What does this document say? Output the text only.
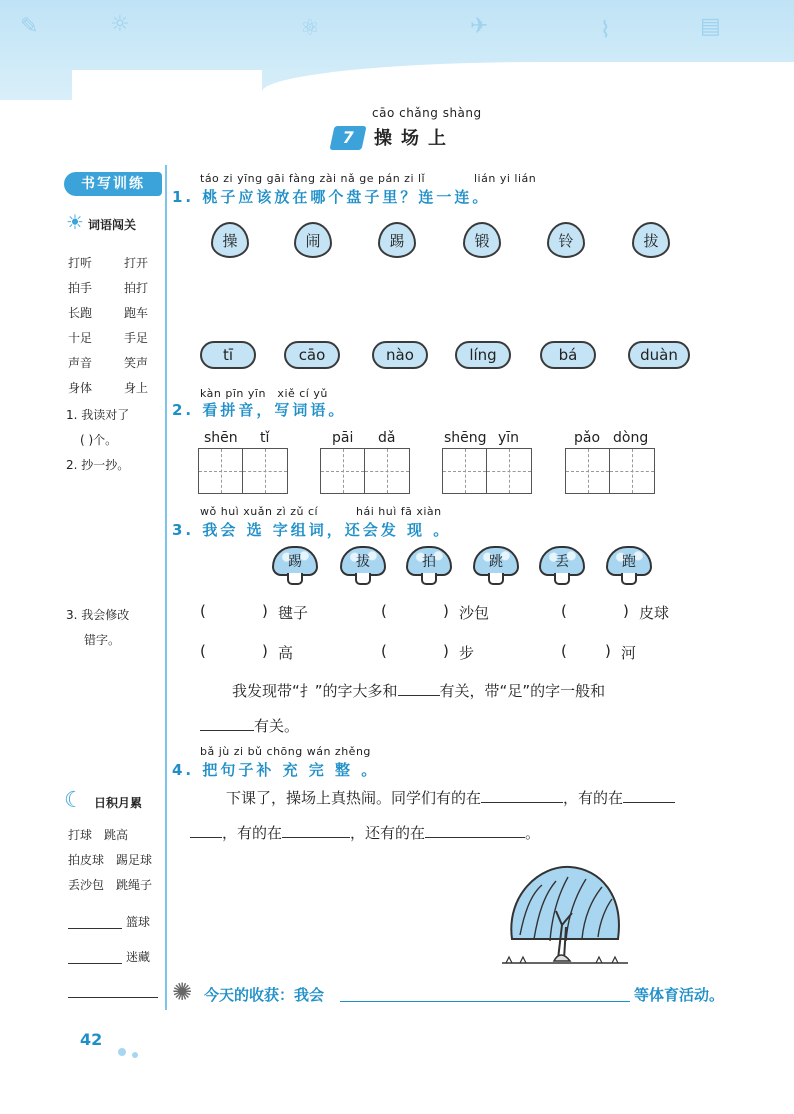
✎	☼	⚛	✈	⌇	▤
7
cāo chǎng shàng
操场上
书写训练
☀ 词语闯关
打听	打开
拍手	拍打
长跑	跑车
十足	手足
声音	笑声
身体	身上
1. 我读对了
( )个。
2. 抄一抄。
3. 我会修改
错字。
☾ 日积月累
打球　跳高
拍皮球　踢足球
丢沙包　跳绳子
篮球
迷藏
táo zi yīng gāi fàng zài nǎ ge pán zi lǐ	lián yi lián
1. 桃子应该放在哪个盘子里？连一连。
操	闹	踢	锻	铃	拔
tī	cāo	nào	líng	bá	duàn
kàn pīn yīn　xiě cí yǔ
2. 看拼音，写词语。
shēn tǐ	pāi dǎ	shēng yīn	pǎo dòng
wǒ huì xuǎn zì zǔ cí	hái huì fā xiàn
3. 我会 选 字组词，还会发 现 。
踢	拔	拍	跳	丢	跑
(	) 毽子	(	) 沙包	(	) 皮球
(	) 高	(	) 步	(	) 河
我发现带“扌”的字大多和	有关，带“足”的字一般和
有关。
bǎ jù zi bǔ chōng wán zhěng
4. 把句子补 充 完 整 。
下课了，操场上真热闹。同学们有的在	，有的在
，有的在	，还有的在	。
✺ 今天的收获：我会	等体育活动。
42
